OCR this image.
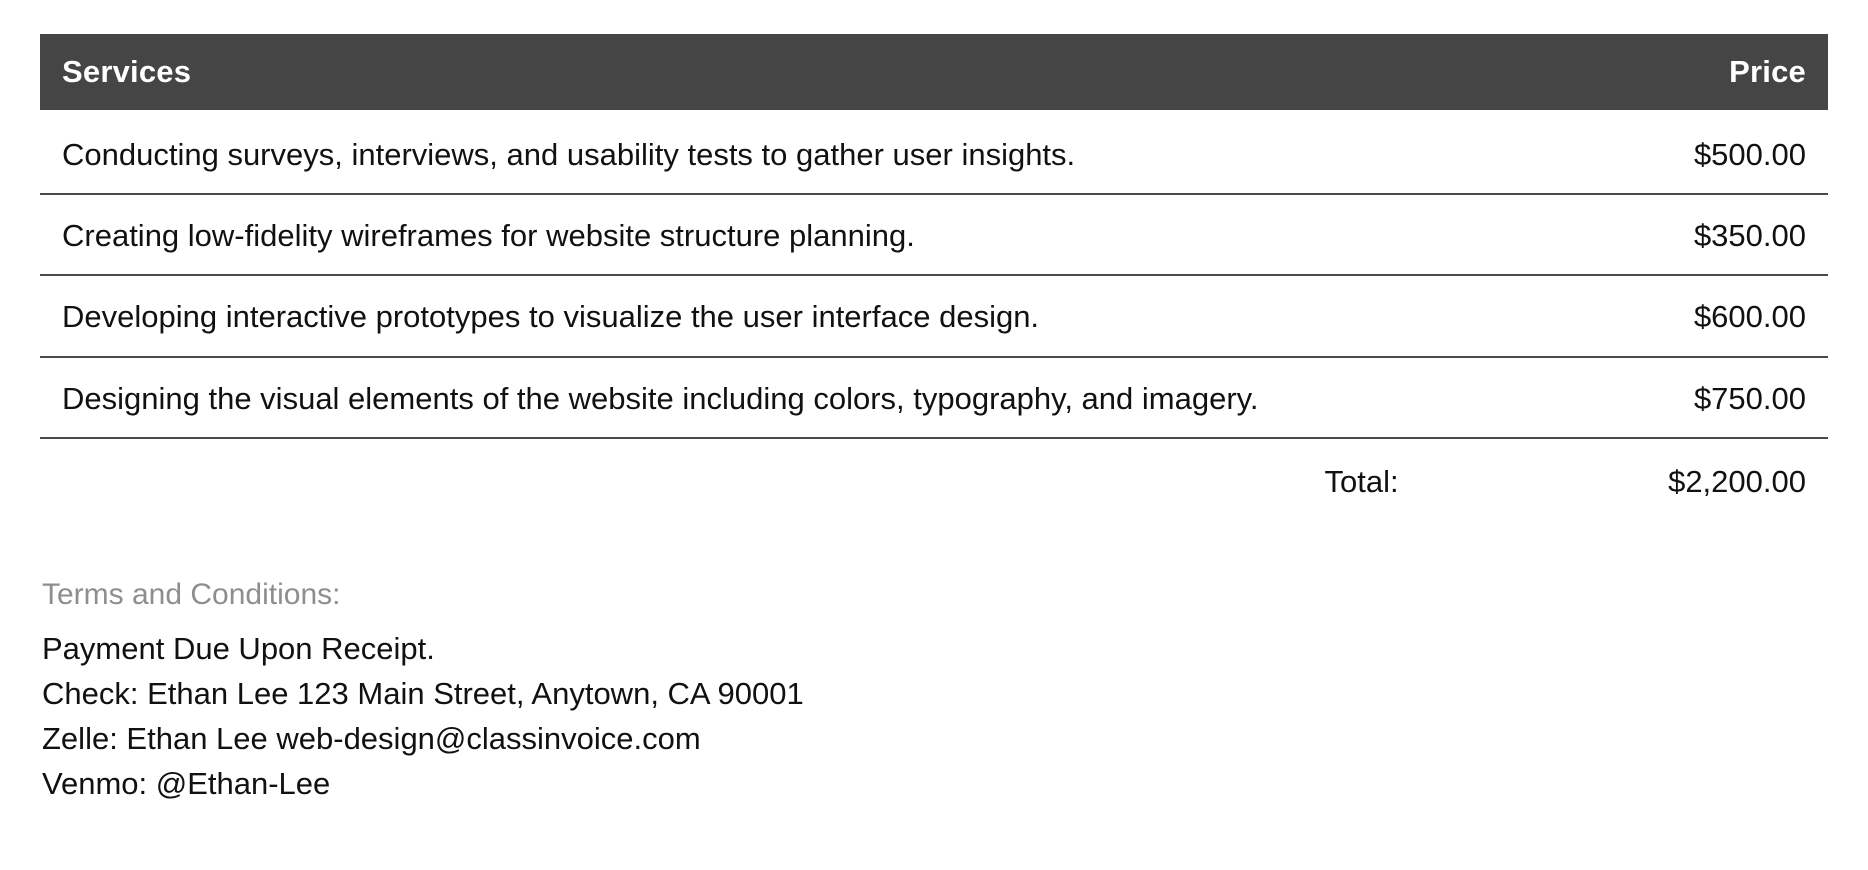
Services	Price
Conducting surveys, interviews, and usability tests to gather user insights.	$500.00
Creating low-fidelity wireframes for website structure planning.	$350.00
Developing interactive prototypes to visualize the user interface design.	$600.00
Designing the visual elements of the website including colors, typography, and imagery.	$750.00
Total:	$2,200.00
Terms and Conditions:
Payment Due Upon Receipt.
Check: Ethan Lee 123 Main Street, Anytown, CA 90001
Zelle: Ethan Lee web-design@classinvoice.com
Venmo: @Ethan-Lee
